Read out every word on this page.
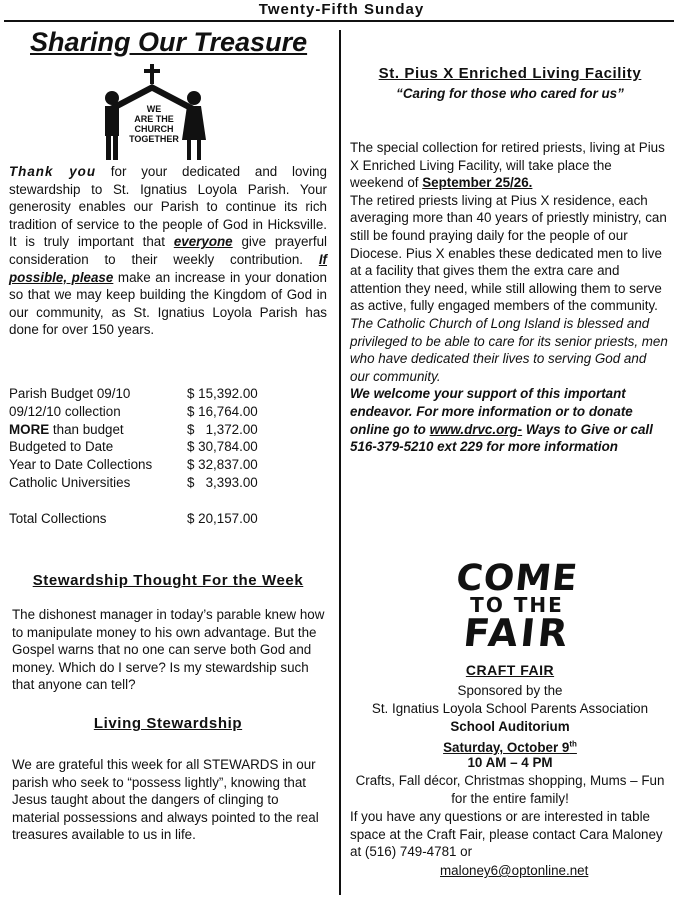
Twenty-Fifth Sunday
Sharing Our Treasure
WE
ARE THE
CHURCH
TOGETHER
Thank you for your dedicated and loving stewardship to St. Ignatius Loyola Parish. Your generosity enables our Parish to continue its rich tradition of service to the people of God in Hicksville. It is truly important that everyone give prayerful consideration to their weekly contribution. If possible, please make an increase in your donation so that we may keep building the Kingdom of God in our community, as St. Ignatius Loyola Parish has done for over 150 years.
Parish Budget 09/10	$ 15,392.00
09/12/10 collection	$ 16,764.00
MORE than budget	$   1,372.00
Budgeted to Date	$ 30,784.00
Year to Date Collections	$ 32,837.00
Catholic Universities	$   3,393.00
Total Collections	$ 20,157.00
Stewardship Thought For the Week
The dishonest manager in today’s parable knew how to manipulate money to his own advantage. But the Gospel warns that no one can serve both God and money. Which do I serve? Is my stewardship such that anyone can tell?
Living Stewardship
We are grateful this week for all STEWARDS in our parish who seek to “possess lightly”, knowing that Jesus taught about the dangers of clinging to material possessions and always pointed to the real treasures available to us in life.
St. Pius X Enriched Living Facility
“Caring for those who cared for us”
The special collection for retired priests, living at Pius X Enriched Living Facility, will take place the weekend of September 25/26.
The retired priests living at Pius X residence, each averaging more than 40 years of priestly ministry, can still be found praying daily for the people of our Diocese. Pius X enables these dedicated men to live at a facility that gives them the extra care and attention they need, while still allowing them to serve as active, fully engaged members of the community.
The Catholic Church of Long Island is blessed and privileged to be able to care for its senior priests, men who have dedicated their lives to serving God and our community.
We welcome your support of this important endeavor. For more information or to donate online go to www.drvc.org- Ways to Give or call 516-379-5210 ext 229 for more information
COME
TO THE
FAIR
CRAFT FAIR
Sponsored by the
St. Ignatius Loyola School Parents Association
School Auditorium
Saturday, October 9th
10 AM – 4 PM
Crafts, Fall décor, Christmas shopping, Mums – Fun for the entire family!
If you have any questions or are interested in table space at the Craft Fair, please contact Cara Maloney at (516) 749-4781 or
maloney6@optonline.net
